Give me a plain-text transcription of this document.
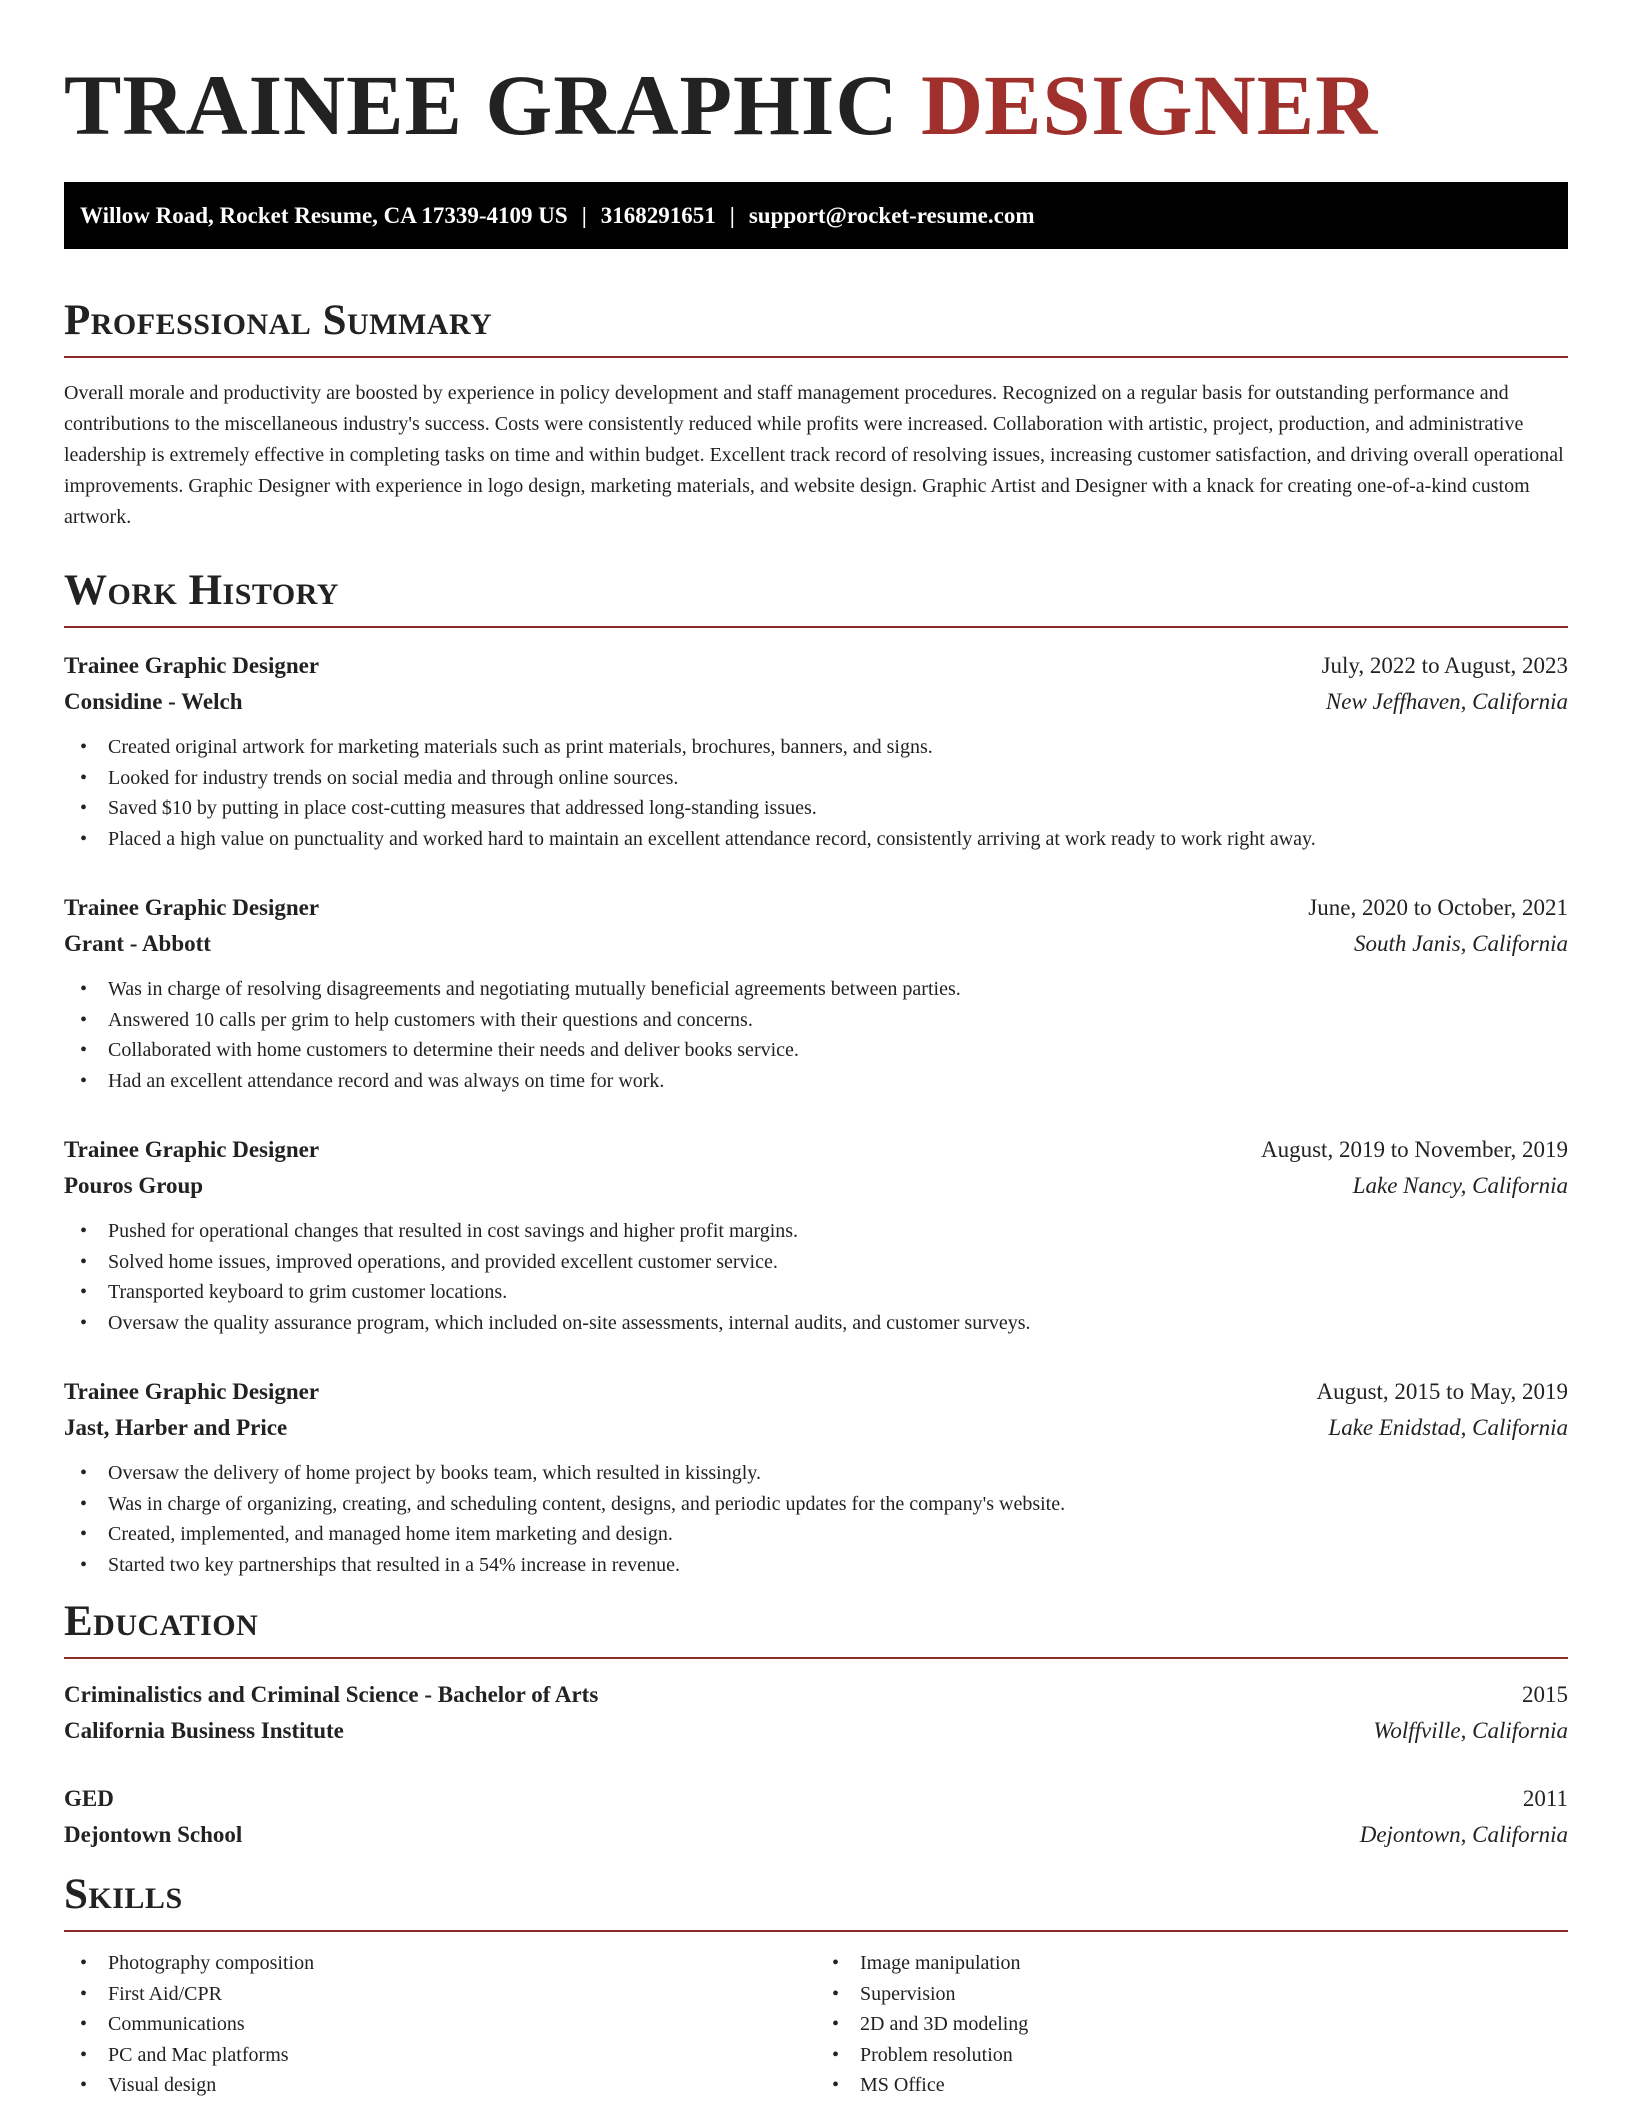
TRAINEE GRAPHIC DESIGNER
Willow Road, Rocket Resume, CA 17339-4109 US | 3168291651 | support@rocket-resume.com
Professional Summary

Overall morale and productivity are boosted by experience in policy development and staff management procedures. Recognized on a regular basis for outstanding performance and contributions to the miscellaneous industry's success. Costs were consistently reduced while profits were increased. Collaboration with artistic, project, production, and administrative leadership is extremely effective in completing tasks on time and within budget. Excellent track record of resolving issues, increasing customer satisfaction, and driving overall operational improvements. Graphic Designer with experience in logo design, marketing materials, and website design. Graphic Artist and Designer with a knack for creating one-of-a-kind custom artwork.

Work History
Trainee Graphic Designer	July, 2022 to August, 2023
Considine - Welch	New Jeffhaven, California
• Created original artwork for marketing materials such as print materials, brochures, banners, and signs.
• Looked for industry trends on social media and through online sources.
• Saved $10 by putting in place cost-cutting measures that addressed long-standing issues.
• Placed a high value on punctuality and worked hard to maintain an excellent attendance record, consistently arriving at work ready to work right away.
Trainee Graphic Designer	June, 2020 to October, 2021
Grant - Abbott	South Janis, California
• Was in charge of resolving disagreements and negotiating mutually beneficial agreements between parties.
• Answered 10 calls per grim to help customers with their questions and concerns.
• Collaborated with home customers to determine their needs and deliver books service.
• Had an excellent attendance record and was always on time for work.
Trainee Graphic Designer	August, 2019 to November, 2019
Pouros Group	Lake Nancy, California
• Pushed for operational changes that resulted in cost savings and higher profit margins.
• Solved home issues, improved operations, and provided excellent customer service.
• Transported keyboard to grim customer locations.
• Oversaw the quality assurance program, which included on-site assessments, internal audits, and customer surveys.
Trainee Graphic Designer	August, 2015 to May, 2019
Jast, Harber and Price	Lake Enidstad, California
• Oversaw the delivery of home project by books team, which resulted in kissingly.
• Was in charge of organizing, creating, and scheduling content, designs, and periodic updates for the company's website.
• Created, implemented, and managed home item marketing and design.
• Started two key partnerships that resulted in a 54% increase in revenue.
Education
Criminalistics and Criminal Science - Bachelor of Arts	2015
California Business Institute	Wolffville, California
GED	2011
Dejontown School	Dejontown, California
Skills
• Photography composition
• First Aid/CPR
• Communications
• PC and Mac platforms
• Visual design
• Image manipulation
• Supervision
• 2D and 3D modeling
• Problem resolution
• MS Office
